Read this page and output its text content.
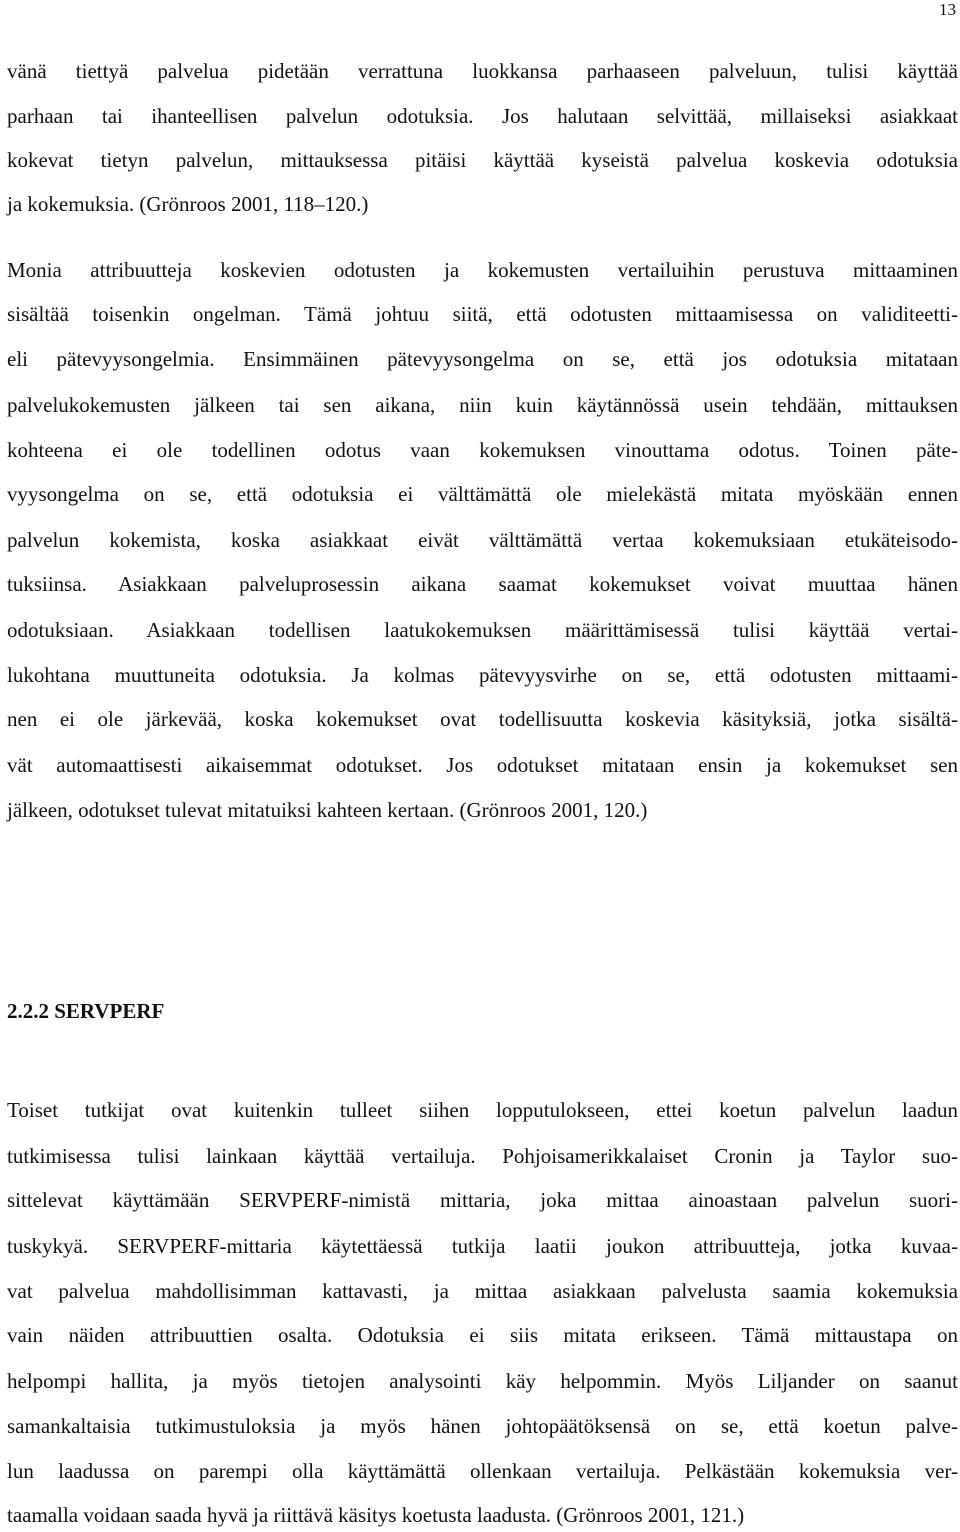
13
vänä tiettyä palvelua pidetään verrattuna luokkansa parhaaseen palveluun, tulisi käyttää
parhaan tai ihanteellisen palvelun odotuksia. Jos halutaan selvittää, millaiseksi asiakkaat
kokevat tietyn palvelun, mittauksessa pitäisi käyttää kyseistä palvelua koskevia odotuksia
ja kokemuksia. (Grönroos 2001, 118–120.)
Monia attribuutteja koskevien odotusten ja kokemusten vertailuihin perustuva mittaaminen
sisältää toisenkin ongelman. Tämä johtuu siitä, että odotusten mittaamisessa on validiteetti-
eli pätevyysongelmia. Ensimmäinen pätevyysongelma on se, että jos odotuksia mitataan
palvelukokemusten jälkeen tai sen aikana, niin kuin käytännössä usein tehdään, mittauksen
kohteena ei ole todellinen odotus vaan kokemuksen vinouttama odotus. Toinen päte-
vyysongelma on se, että odotuksia ei välttämättä ole mielekästä mitata myöskään ennen
palvelun kokemista, koska asiakkaat eivät välttämättä vertaa kokemuksiaan etukäteisodo-
tuksiinsa. Asiakkaan palveluprosessin aikana saamat kokemukset voivat muuttaa hänen
odotuksiaan. Asiakkaan todellisen laatukokemuksen määrittämisessä tulisi käyttää vertai-
lukohtana muuttuneita odotuksia. Ja kolmas pätevyysvirhe on se, että odotusten mittaami-
nen ei ole järkevää, koska kokemukset ovat todellisuutta koskevia käsityksiä, jotka sisältä-
vät automaattisesti aikaisemmat odotukset. Jos odotukset mitataan ensin ja kokemukset sen
jälkeen, odotukset tulevat mitatuiksi kahteen kertaan. (Grönroos 2001, 120.)
2.2.2 SERVPERF
Toiset tutkijat ovat kuitenkin tulleet siihen lopputulokseen, ettei koetun palvelun laadun
tutkimisessa tulisi lainkaan käyttää vertailuja. Pohjoisamerikkalaiset Cronin ja Taylor suo-
sittelevat käyttämään SERVPERF-nimistä mittaria, joka mittaa ainoastaan palvelun suori-
tuskykyä. SERVPERF-mittaria käytettäessä tutkija laatii joukon attribuutteja, jotka kuvaa-
vat palvelua mahdollisimman kattavasti, ja mittaa asiakkaan palvelusta saamia kokemuksia
vain näiden attribuuttien osalta. Odotuksia ei siis mitata erikseen. Tämä mittaustapa on
helpompi hallita, ja myös tietojen analysointi käy helpommin. Myös Liljander on saanut
samankaltaisia tutkimustuloksia ja myös hänen johtopäätöksensä on se, että koetun palve-
lun laadussa on parempi olla käyttämättä ollenkaan vertailuja. Pelkästään kokemuksia ver-
taamalla voidaan saada hyvä ja riittävä käsitys koetusta laadusta. (Grönroos 2001, 121.)
